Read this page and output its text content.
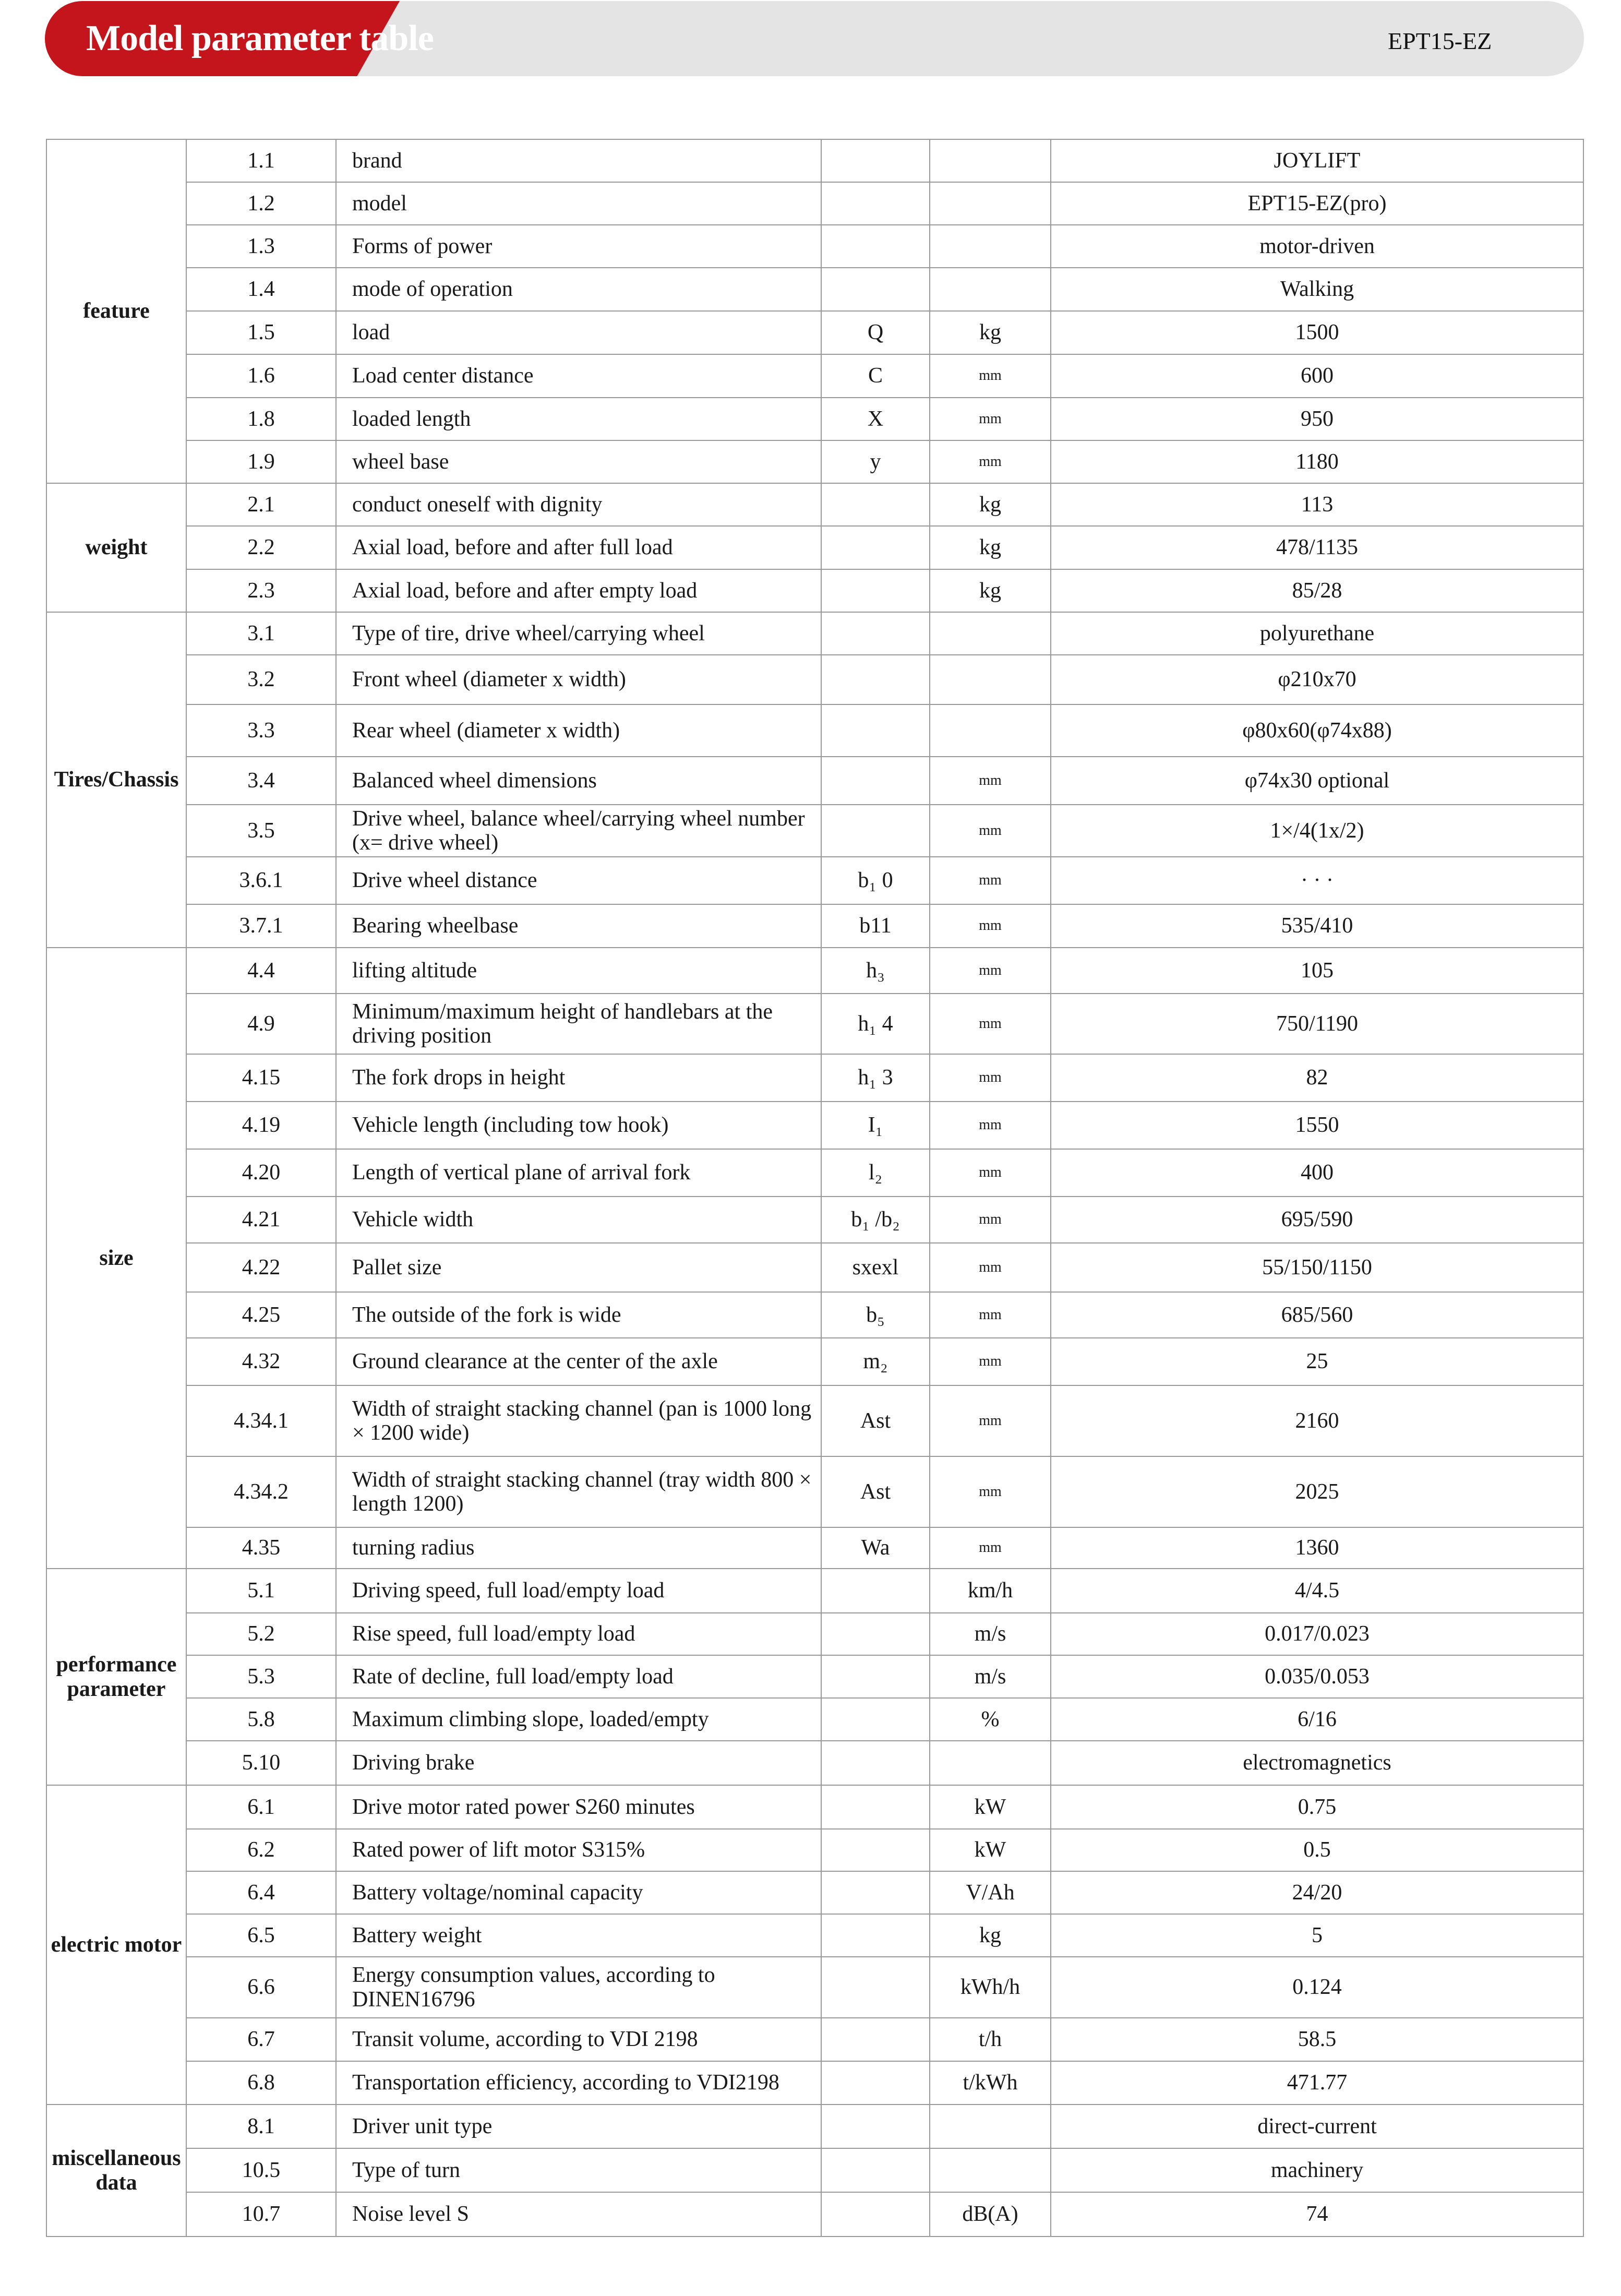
Model parameter table	EPT15-EZ
feature	1.1	brand			JOYLIFT
	1.2	model			EPT15-EZ(pro)
	1.3	Forms of power			motor-driven
	1.4	mode of operation			Walking
	1.5	load	Q	kg	1500
	1.6	Load center distance	C	mm	600
	1.8	loaded length	X	mm	950
	1.9	wheel base	y	mm	1180
weight	2.1	conduct oneself with dignity		kg	113
	2.2	Axial load, before and after full load		kg	478/1135
	2.3	Axial load, before and after empty load		kg	85/28
Tires/Chassis	3.1	Type of tire, drive wheel/carrying wheel			polyurethane
	3.2	Front wheel (diameter x width)			φ210x70
	3.3	Rear wheel (diameter x width)			φ80x60(φ74x88)
	3.4	Balanced wheel dimensions		mm	φ74x30 optional
	3.5	Drive wheel, balance wheel/carrying wheel number (x= drive wheel)		mm	1×/4(1x/2)
	3.6.1	Drive wheel distance	b₁ 0	mm	· · ·
	3.7.1	Bearing wheelbase	b11	mm	535/410
size	4.4	lifting altitude	h₃	mm	105
	4.9	Minimum/maximum height of handlebars at the driving position	h₁ 4	mm	750/1190
	4.15	The fork drops in height	h₁ 3	mm	82
	4.19	Vehicle length (including tow hook)	I₁	mm	1550
	4.20	Length of vertical plane of arrival fork	l₂	mm	400
	4.21	Vehicle width	b₁ /b₂	mm	695/590
	4.22	Pallet size	sxexl	mm	55/150/1150
	4.25	The outside of the fork is wide	b₅	mm	685/560
	4.32	Ground clearance at the center of the axle	m₂	mm	25
	4.34.1	Width of straight stacking channel (pan is 1000 long × 1200 wide)	Ast	mm	2160
	4.34.2	Width of straight stacking channel (tray width 800 × length 1200)	Ast	mm	2025
	4.35	turning radius	Wa	mm	1360
performance parameter	5.1	Driving speed, full load/empty load		km/h	4/4.5
	5.2	Rise speed, full load/empty load		m/s	0.017/0.023
	5.3	Rate of decline, full load/empty load		m/s	0.035/0.053
	5.8	Maximum climbing slope, loaded/empty		%	6/16
	5.10	Driving brake			electromagnetics
electric motor	6.1	Drive motor rated power S260 minutes		kW	0.75
	6.2	Rated power of lift motor S315%		kW	0.5
	6.4	Battery voltage/nominal capacity		V/Ah	24/20
	6.5	Battery weight		kg	5
	6.6	Energy consumption values, according to DINEN16796		kWh/h	0.124
	6.7	Transit volume, according to VDI 2198		t/h	58.5
	6.8	Transportation efficiency, according to VDI2198		t/kWh	471.77
miscellaneous data	8.1	Driver unit type			direct-current
	10.5	Type of turn			machinery
	10.7	Noise level S		dB(A)	74
